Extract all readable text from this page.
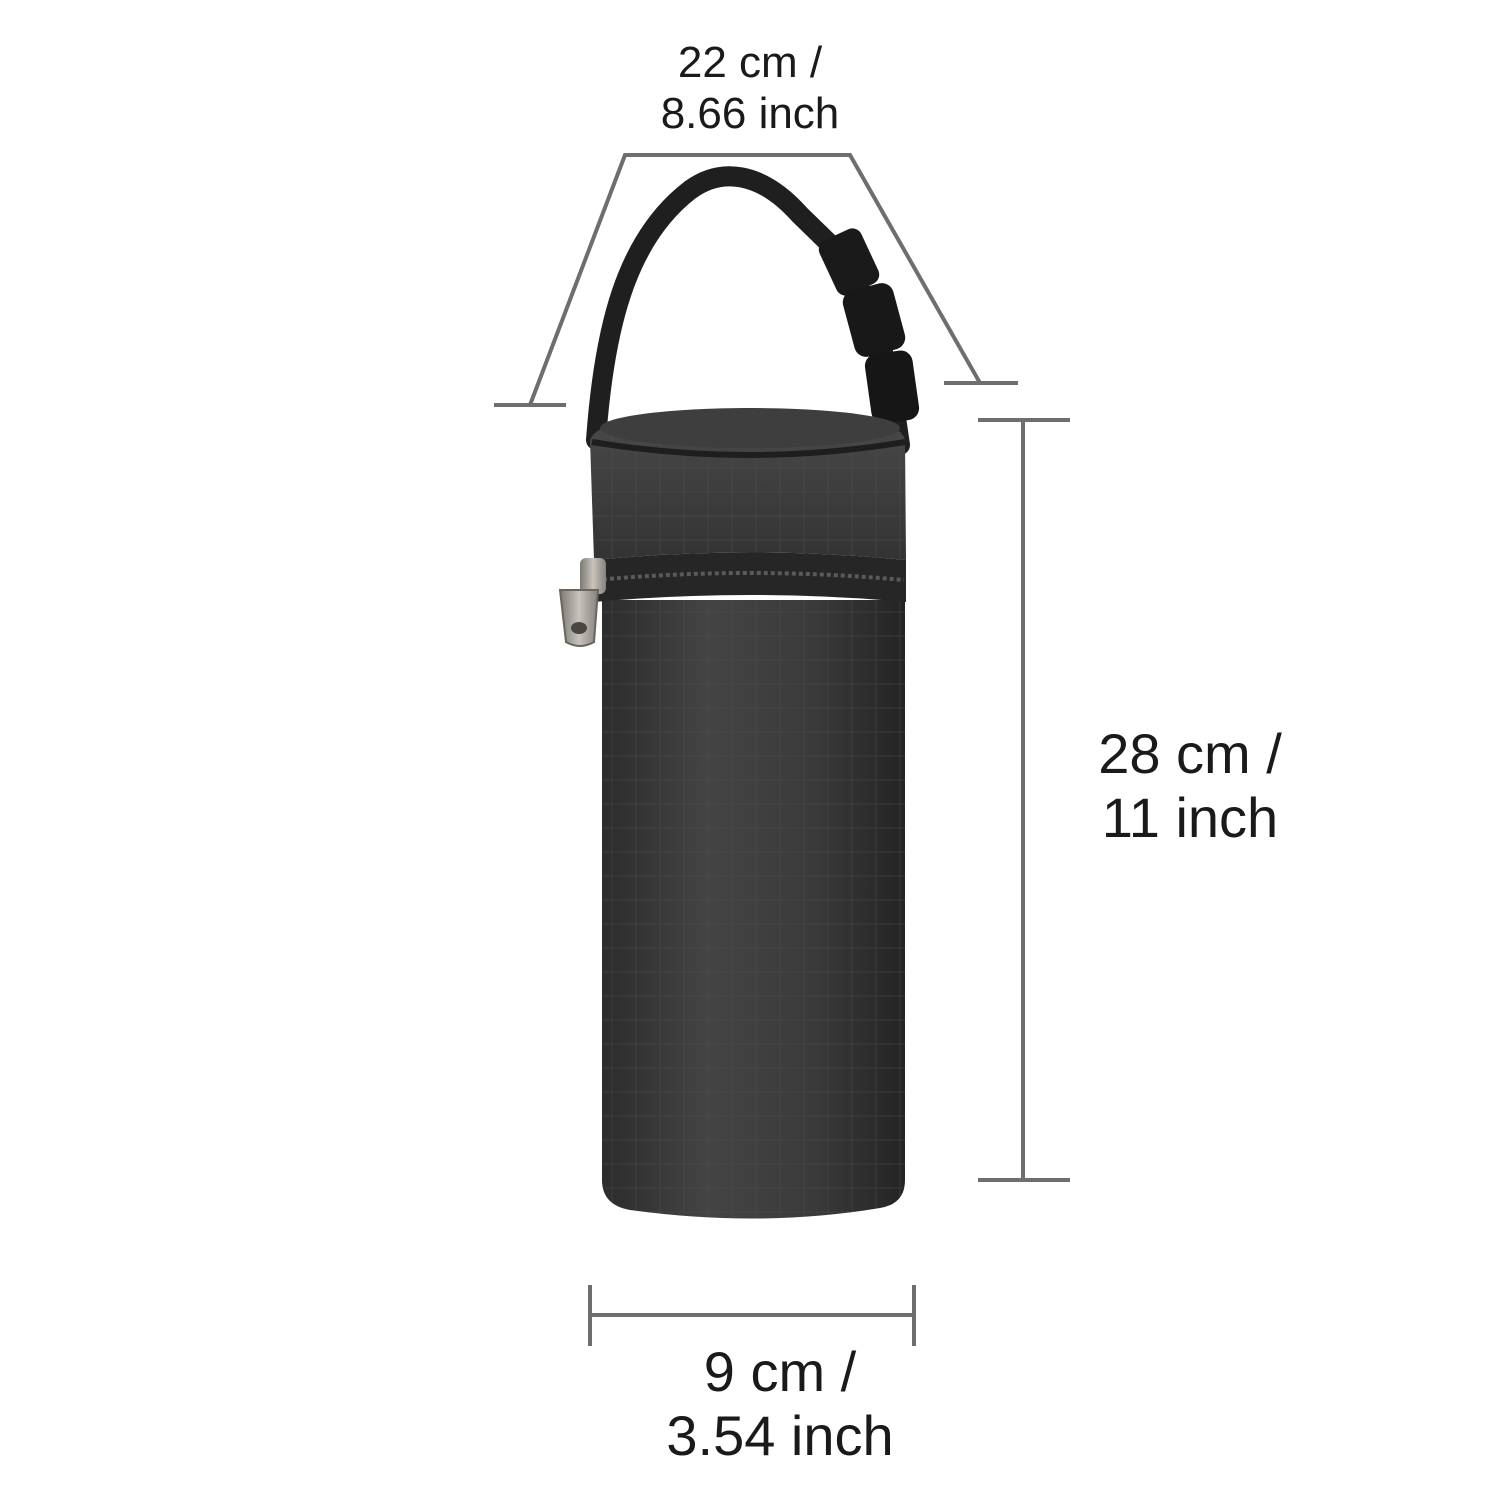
22 cm /
8.66 inch
28 cm /
11 inch
9 cm /
3.54 inch
